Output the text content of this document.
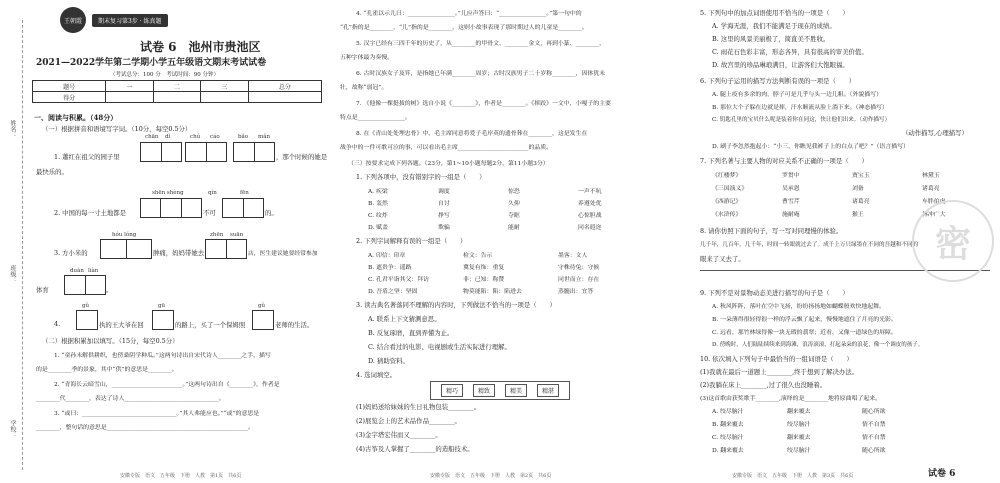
姓名：
班级：
学校：
王朝霞	期末复习第3步 · 练真题
试卷 6　池州市贵池区
2021—2022学年第二学期小学五年级语文期末考试试卷
（考试总分：100 分　考试时间：90 分钟）
题号	一	二	三	总分
得分				
一、阅读与积累。（48分）
（一）根据拼音和语境写字词。（10分，每空0.5分）
chān dǐ	chú cáo	bǎo mǎn
1. 蕭红在祖父的园子里	，那个时候的她是
最快乐的。
shēn shèng	qín	fēn
2. 中国的每一寸土地都是	不可	的。
hóu lóng	zhēn suān
3. 方小米的	肿痛，妈妈带她去	店，医生建议她要经常参加
duàn liàn
体育	。
gǔ	gū	gǔ
4.	执的王大爷在回	的路上，买了一个保姆照	老师的生活。
（二）根据积累加以填写。（15分，每空0.5分）
1. “童孙未解供耕织，也傍桑阴学种瓜。”这两句诗出自宋代诗人________之手，描写
的是________季的景象，其中“供”的意思是________。
2. “青海长云暗雪山，________________________。”这两句诗出自《________》，作者是
________代________，表达了诗人________________________________。
3. “或曰：________________________________。”其人弗能应也。”“或”的意思是
________，整句话的意思是________________________________________________。
安徽专版　语文　五年级　下册　人教　第1页　共6页
4. “孔雀以示儿曰：________________。”儿应声答曰：“________________。”第一句中的
“孔”指的是________，“儿”指的是________，这则小故事表现了那时期过人的儿童是________。
5. 汉字已经有三四千年的历史了，从________的甲骨文、________金文，再到小篆、________，
五种字体最为奏慢。
6. 古时汉族女子及笄，是指她已年满________周岁；古时汉族男子二十岁称________，因体犹未
壮，故称“弱冠”。
7. 《他像一棵挺拔的树》选自小说《________》，作者是________。《摔跤》一文中，小嘎子的主要
特点是________________。
8. 在《青山处处埋忠骨》中，毛主席同意将爱子毛岸英的遗骨葬在________，这是发生在
战争中的一件可歌可泣的事，可以看出毛主席________________________的品质。
（三）按要求完成下列各题。（23分，第1~10小题每题2分，第11小题3分）
1. 下列各项中，没有错别字的一组是（　　）
A. 疾梁	调度	惊恐	一声不吭
B. 轰然	自讨	久仰	养遵处优
C. 纹炸	挣写	夺眶	心惊胆战
D. 赋盖	欺骗	能耐	同名遐迩
2. 下列字词解释有误的一组是（　　）
A. 印信：印章	检文：告示	墨客：文人
B. 遮贵争：遥路	冀复有饰：重复	守株待兔：守候
C. 孔君平诣其父：拜访	非：已知：称赞	同世而立：存在
D. 吾盾之坚：坚固	物莫能陷：陷：陷进去	蒸髓出：宜答
3. 读古典名著落同不理解的内容时，下列做法不恰当的一项是（　　）
A. 联系上下文猜测意思。
B. 反复琢磨，直到弄懂为止。
C. 结合看过的电影、电视剧或生活实际进行理解。
D. 猜助资料。
4. 选词填空。
精巧	精致	精美	精湛
(1)妈妈送给妹妹的生日礼物包装________。
(2)展览会上的艺术品作品________。
(3)金字塔宏伟而又________。
(4)古筝及人掌握了________的造船技术。
安徽专版　语文　五年级　下册　人教　第2页　共6页
5. 下列句中的加点词语使用不恰当的一项是（　　）
A. 学海无涯，我们不能满足于现在的成绩。
B. 这里的风景美丽极了，简直美不胜收。
C. 雨花石色彩丰富，形态各异，具有很高的审美价值。
D. 故宫里的珍品琳琅满目，让游客们大饱眼福。
6. 下列句子运用的描写方法判断有误的一项是（　　）
A. 腿上疫有多余的肉，脖子可是几乎与头一边儿粗。（外貌描写）
B. 那位大个子躲在边就是摔，汗水顺流从脸上淌下来。（神态描写）
C. 钥匙孔里的宝贝什么呢是装着你在同这，快让他们出来。（动作描写）
（动作描写,心理描写）
D. 刷子李忽然抱起小：“小三，你瞧见我裤子上的白点了吧？”（语言描写）
7. 下列名著与主要人物的对应关系不正确的一项是（　　）
《红楼梦》	罗贯中	贾宝玉	林黛玉
《三国演义》	吴承恩	刘备	诸葛亮
《西游记》	曹雪芹	诸葛亮	车胖伯虎
《水浒传》	施耐庵	猴王	林冲广大
8. 请你仿照下面的句子，写一写对同理慢的体验。
几千年，几百年，几千年，时间一转眼就过去了。成千上万只绿墨在不同的吾越和不同的
眼来了又去了。	密
9. 下列不是对景物动态美进行描写的句子是（　　）
A. 秋风阵阵，落叶在空中飞扬，纷纷扬扬地如蝴蝶般欢快地起舞。
B. 一朵薄得很轻得很一样的浮云飘了起来，慢慢地遮住了月亮的光影。
C. 远看，那竹林绿得像一块无瑕的翡翠；近看，又像一道绿色的屏障。
D. 傍晚时，人们陆陆续续来到海滩，浪涛滚滚，打起朵朵的浪花，像一个调皮的孩子。
10. 依次填入下列句子中最恰当的一组词语是（　　）
(1)我就在最后一道题上________,终于想到了解决办法。
(2)我躺在床上________,过了很久也没睡着。
(3)这首歌由获奖歌手________,演绎的是________地将原曲唱了起来。
A. 绞尽脑汁	翻来覆去	随心所欲
B. 翻来覆去	绞尽脑汁	情不自禁
C. 绞尽脑汁	翻来覆去	情不自禁
D. 翻来覆去	绞尽脑汁	随心所欲
安徽专版　语文　五年级　下册　人教　第3页　共6页	试卷 6
